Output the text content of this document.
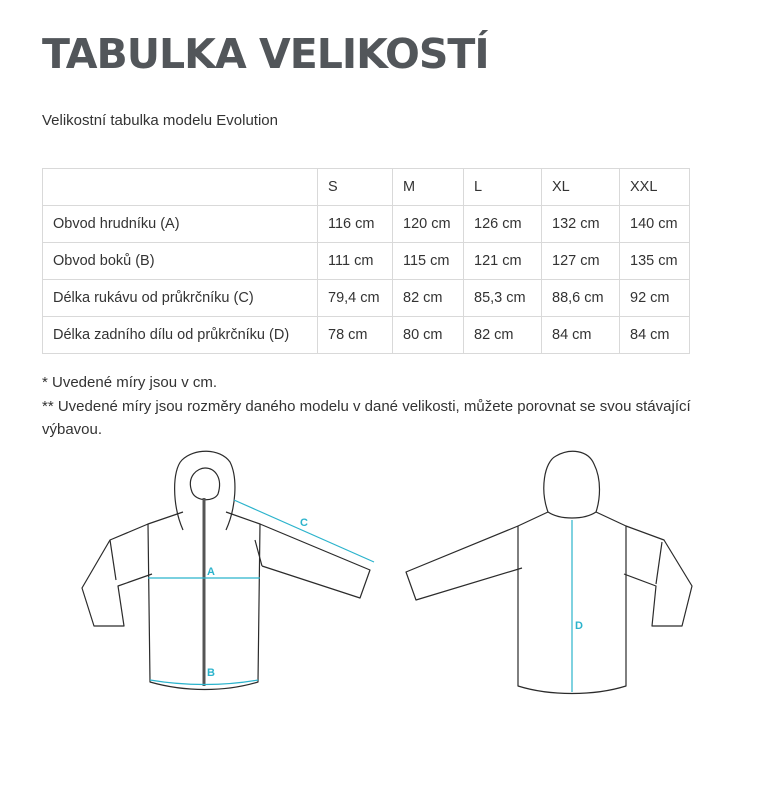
TABULKA VELIKOSTÍ
Velikostní tabulka modelu Evolution
	S	M	L	XL	XXL
Obvod hrudníku (A)	116 cm	120 cm	126 cm	132 cm	140 cm
Obvod boků (B)	111 cm	115 cm	121 cm	127 cm	135 cm
Délka rukávu od průkrčníku (C)	79,4 cm	82 cm	85,3 cm	88,6 cm	92 cm
Délka zadního dílu od průkrčníku (D)	78 cm	80 cm	82 cm	84 cm	84 cm

* Uvedené míry jsou v cm.

** Uvedené míry jsou rozměry daného modelu v dané velikosti, můžete porovnat se svou stávající výbavou.

A
B
C
D
